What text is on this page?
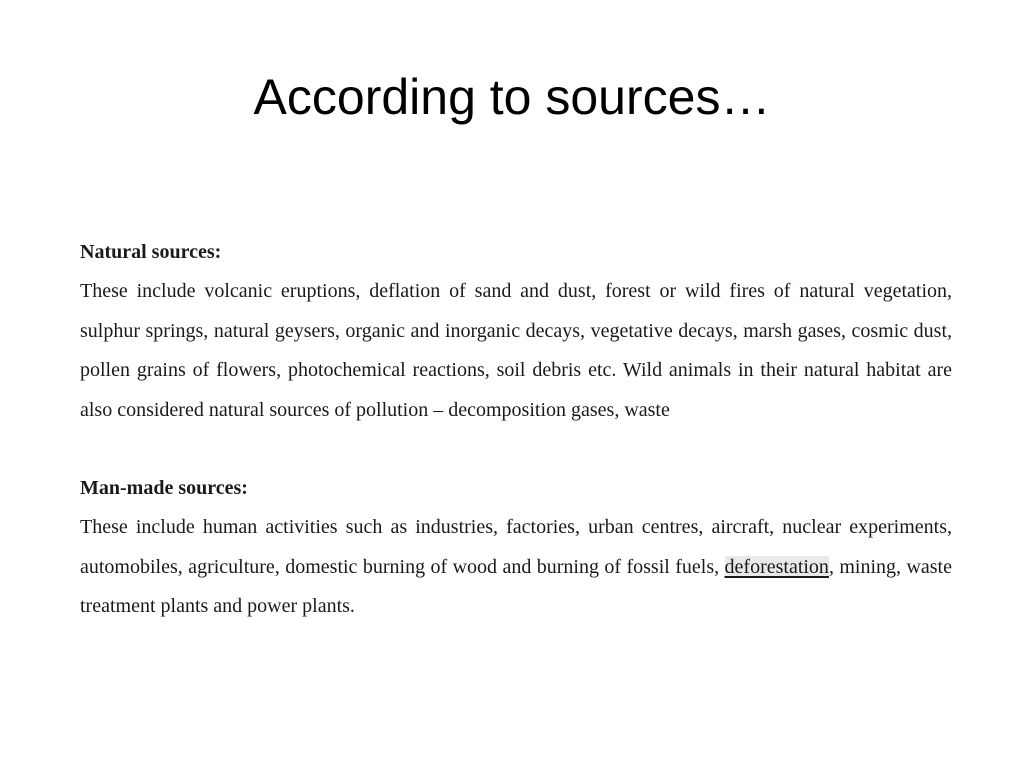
According to sources…

Natural sources:

These include volcanic eruptions, deflation of sand and dust, forest or wild fires of natural vegetation, sulphur springs, natural geysers, organic and inorganic decays, vegetative decays, marsh gases, cosmic dust, pollen grains of flowers, photochemical reactions, soil debris etc. Wild animals in their natural habitat are also considered natural sources of pollution – decomposition gases, waste

Man-made sources:

These include human activities such as industries, factories, urban centres, aircraft, nuclear experiments, automobiles, agriculture, domestic burning of wood and burning of fossil fuels, deforestation, mining, waste treatment plants and power plants.
